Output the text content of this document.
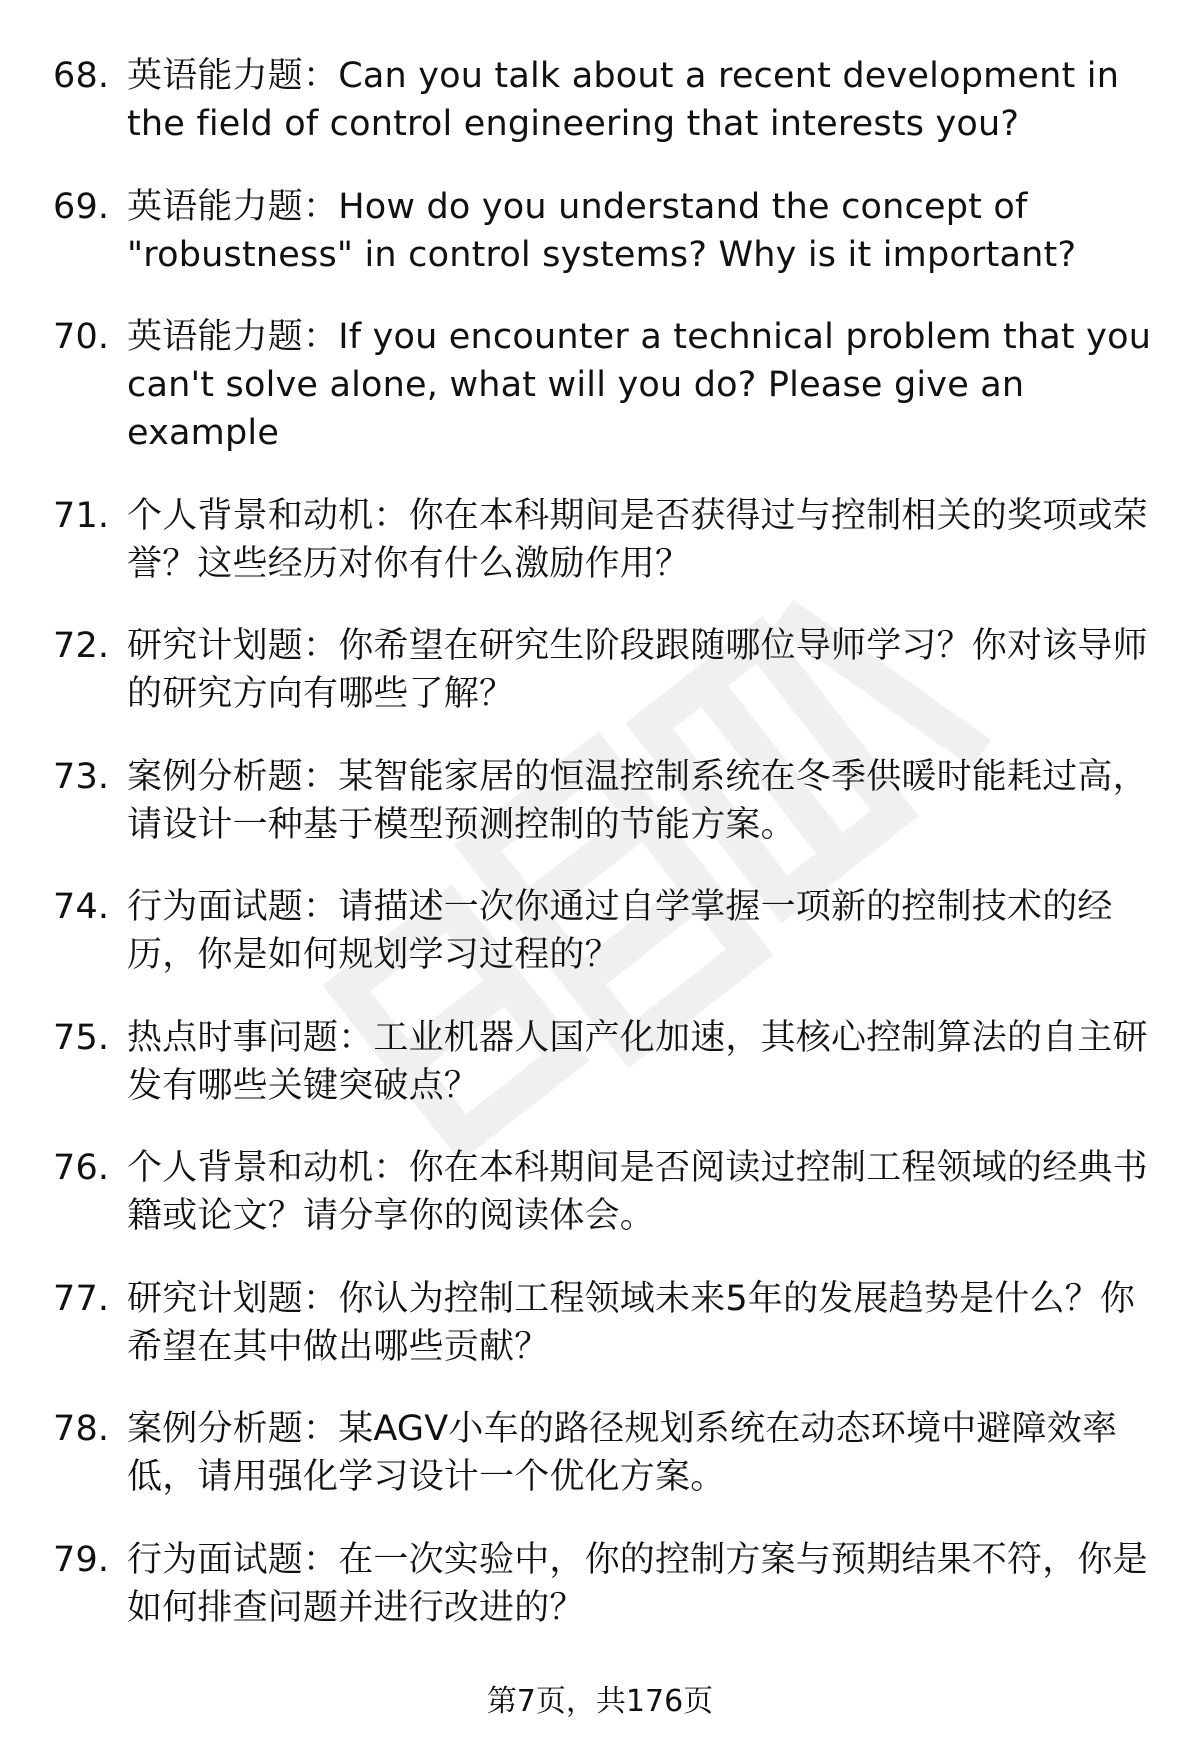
68. 英语能力题：Can you talk about a recent development in the field of control engineering that interests you?
69. 英语能力题：How do you understand the concept of "robustness" in control systems? Why is it important?
70. 英语能力题：If you encounter a technical problem that you can't solve alone, what will you do? Please give an example
71. 个人背景和动机：你在本科期间是否获得过与控制相关的奖项或荣誉？这些经历对你有什么激励作用？
72. 研究计划题：你希望在研究生阶段跟随哪位导师学习？你对该导师的研究方向有哪些了解？
73. 案例分析题：某智能家居的恒温控制系统在冬季供暖时能耗过高，请设计一种基于模型预测控制的节能方案。
74. 行为面试题：请描述一次你通过自学掌握一项新的控制技术的经历，你是如何规划学习过程的？
75. 热点时事问题：工业机器人国产化加速，其核心控制算法的自主研发有哪些关键突破点？
76. 个人背景和动机：你在本科期间是否阅读过控制工程领域的经典书籍或论文？请分享你的阅读体会。
77. 研究计划题：你认为控制工程领域未来5年的发展趋势是什么？你希望在其中做出哪些贡献？
78. 案例分析题：某AGV小车的路径规划系统在动态环境中避障效率低，请用强化学习设计一个优化方案。
79. 行为面试题：在一次实验中，你的控制方案与预期结果不符，你是如何排查问题并进行改进的？
第7页，共176页
